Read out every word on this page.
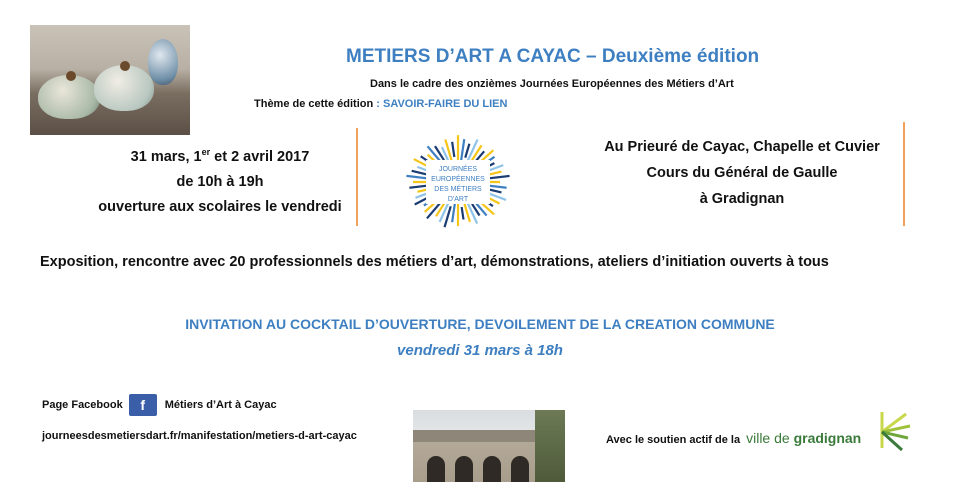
METIERS D’ART A CAYAC – Deuxième édition
Dans le cadre des onzièmes Journées Européennes des Métiers d’Art
Thème de cette édition : SAVOIR-FAIRE DU LIEN
31 mars, 1er et 2 avril 2017
de 10h à 19h
ouverture aux scolaires le vendredi
JOURNÉES
EUROPÉENNES
DES MÉTIERS
D'ART
Au Prieuré de Cayac, Chapelle et Cuvier
Cours du Général de Gaulle
à Gradignan
Exposition, rencontre avec 20 professionnels des métiers d’art, démonstrations, ateliers d’initiation ouverts à tous
INVITATION AU COCKTAIL D’OUVERTURE, DEVOILEMENT DE LA CREATION COMMUNE
vendredi 31 mars à 18h
Page Facebook	f	Métiers d’Art à Cayac
journeesdesmetiersdart.fr/manifestation/metiers-d-art-cayac	Avec le soutien actif de la ville de gradignan
